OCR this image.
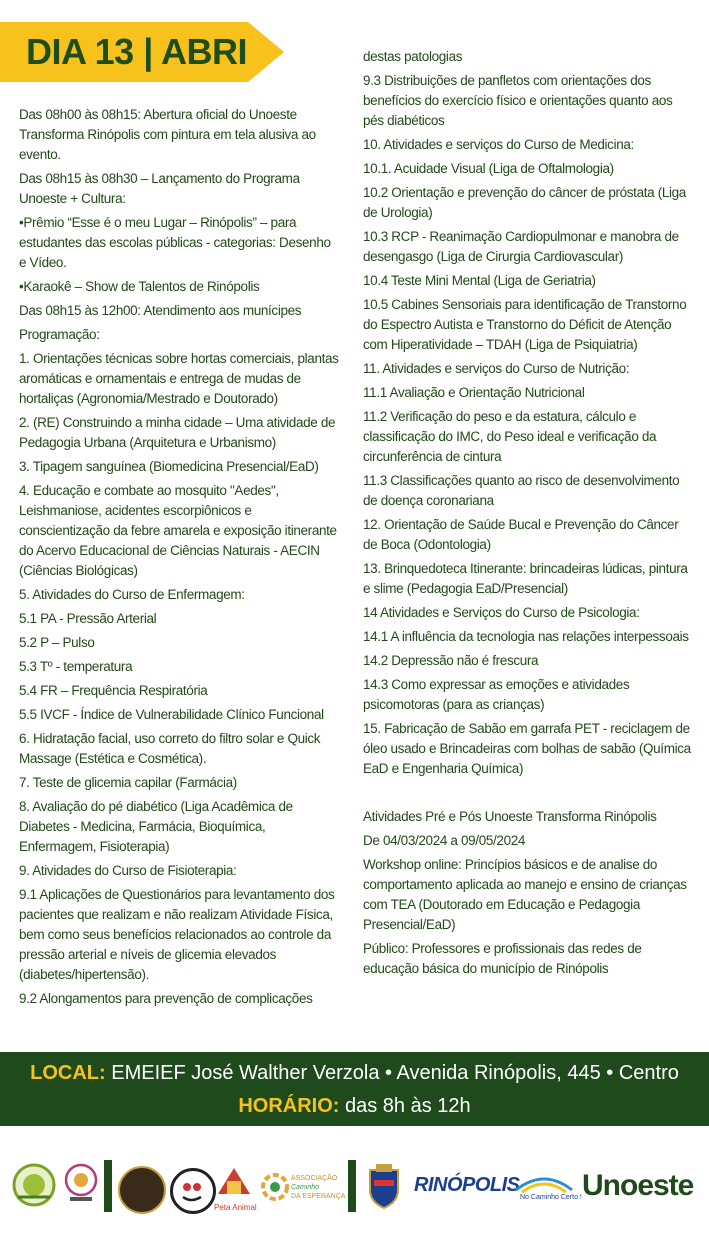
DIA 13 | ABRIL

Das 08h00 às 08h15: Abertura oficial do Unoeste Transforma Rinópolis com pintura em tela alusiva ao evento.

Das 08h15 às 08h30 – Lançamento do Programa Unoeste + Cultura:

•Prêmio “Esse é o meu Lugar – Rinópolis” – para estudantes das escolas públicas - categorias: Desenho e Vídeo.

•Karaokê – Show de Talentos de Rinópolis

Das 08h15 às 12h00: Atendimento aos munícipes

Programação:

1. Orientações técnicas sobre hortas comerciais, plantas aromáticas e ornamentais e entrega de mudas de hortaliças (Agronomia/Mestrado e Doutorado)

2. (RE) Construindo a minha cidade – Uma atividade de Pedagogia Urbana (Arquitetura e Urbanismo)

3. Tipagem sanguínea (Biomedicina Presencial/EaD)

4. Educação e combate ao mosquito "Aedes", Leishmaniose, acidentes escorpiônicos e conscientização da febre amarela e exposição itinerante do Acervo Educacional de Ciências Naturais - AECIN (Ciências Biológicas)

5. Atividades do Curso de Enfermagem:

5.1 PA - Pressão Arterial

5.2 P – Pulso

5.3 Tº - temperatura

5.4 FR – Frequência Respiratória

5.5 IVCF - Índice de Vulnerabilidade Clínico Funcional

6. Hidratação facial, uso correto do filtro solar e Quick Massage (Estética e Cosmética).

7. Teste de glicemia capilar (Farmácia)

8. Avaliação do pé diabético (Liga Acadêmica de Diabetes - Medicina, Farmácia, Bioquímica, Enfermagem, Fisioterapia)

9. Atividades do Curso de Fisioterapia:

9.1 Aplicações de Questionários para levantamento dos pacientes que realizam e não realizam Atividade Física, bem como seus benefícios relacionados ao controle da pressão arterial e níveis de glicemia elevados (diabetes/hipertensão).

9.2 Alongamentos para prevenção de complicações

destas patologias

9.3 Distribuições de panfletos com orientações dos benefícios do exercício físico e orientações quanto aos pés diabéticos

10. Atividades e serviços do Curso de Medicina:

10.1. Acuidade Visual (Liga de Oftalmologia)

10.2 Orientação e prevenção do câncer de próstata (Liga de Urologia)

10.3 RCP - Reanimação Cardiopulmonar e manobra de desengasgo (Liga de Cirurgia Cardiovascular)

10.4 Teste Mini Mental (Liga de Geriatria)

10.5 Cabines Sensoriais para identificação de Transtorno do Espectro Autista e Transtorno do Déficit de Atenção com Hiperatividade – TDAH (Liga de Psiquiatria)

11. Atividades e serviços do Curso de Nutrição:

11.1 Avaliação e Orientação Nutricional

11.2 Verificação do peso e da estatura, cálculo e classificação do IMC, do Peso ideal e verificação da circunferência de cintura

11.3 Classificações quanto ao risco de desenvolvimento de doença coronariana

12. Orientação de Saúde Bucal e Prevenção do Câncer de Boca (Odontologia)

13. Brinquedoteca Itinerante: brincadeiras lúdicas, pintura e slime (Pedagogia EaD/Presencial)

14 Atividades e Serviços do Curso de Psicologia:

14.1 A influência da tecnologia nas relações interpessoais

14.2 Depressão não é frescura

14.3 Como expressar as emoções e atividades psicomotoras (para as crianças)

15. Fabricação de Sabão em garrafa PET - reciclagem de óleo usado e Brincadeiras com bolhas de sabão (Química EaD e Engenharia Química)

Atividades Pré e Pós Unoeste Transforma Rinópolis

De 04/03/2024 a 09/05/2024

Workshop online: Princípios básicos e de analise do comportamento aplicada ao manejo e ensino de crianças com TEA (Doutorado em Educação e Pedagogia Presencial/EaD)

Público: Professores e profissionais das redes de educação básica do município de Rinópolis

LOCAL: EMEIEF José Walther Verzola • Avenida Rinópolis, 445 • Centro
HORÁRIO: das 8h às 12h
Peta Animal
ASSOCIAÇÃO
Caminho
DA ESPERANÇA
RINÓPOLIS
No Caminho Certo ! Unoeste
